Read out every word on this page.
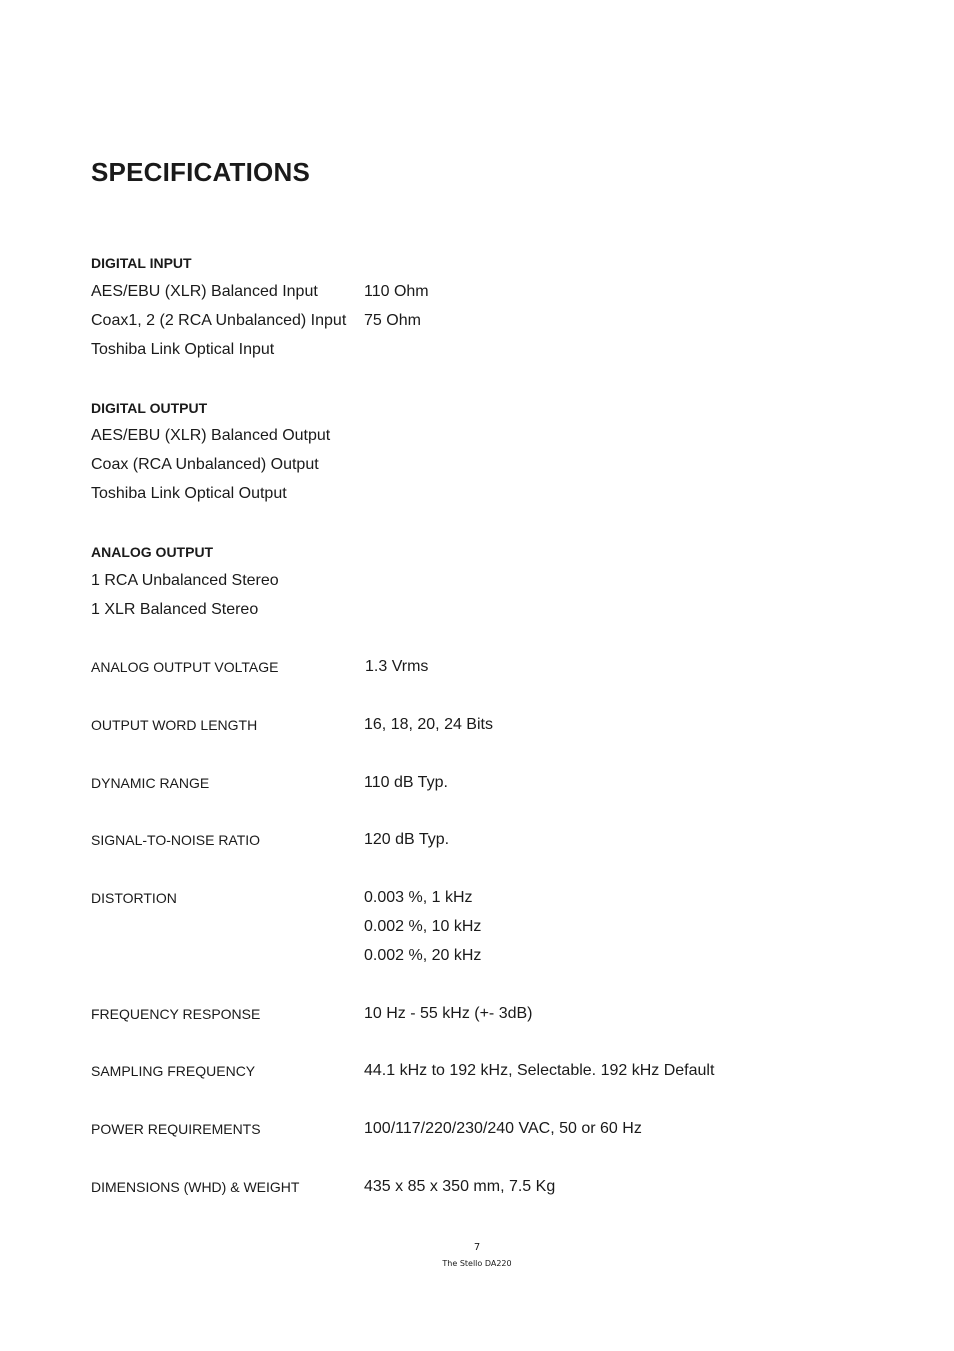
SPECIFICATIONS
DIGITAL INPUT
AES/EBU (XLR) Balanced Input	110 Ohm
Coax1, 2 (2 RCA Unbalanced) Input 75 Ohm
Toshiba Link Optical Input
DIGITAL OUTPUT
AES/EBU (XLR) Balanced Output
Coax (RCA Unbalanced) Output
Toshiba Link Optical Output
ANALOG OUTPUT
1 RCA Unbalanced Stereo
1 XLR Balanced Stereo
ANALOG OUTPUT VOLTAGE	1.3 Vrms
OUTPUT WORD LENGTH	16, 18, 20, 24 Bits
DYNAMIC RANGE	110 dB Typ.
SIGNAL-TO-NOISE RATIO	120 dB Typ.
DISTORTION	0.003 %, 1 kHz
0.002 %, 10 kHz
0.002 %, 20 kHz
FREQUENCY RESPONSE	10 Hz - 55 kHz (+- 3dB)
SAMPLING FREQUENCY	44.1 kHz to 192 kHz, Selectable. 192 kHz Default
POWER REQUIREMENTS	100/117/220/230/240 VAC, 50 or 60 Hz
DIMENSIONS (WHD) & WEIGHT	435 x 85 x 350 mm, 7.5 Kg
7
The Stello DA220
